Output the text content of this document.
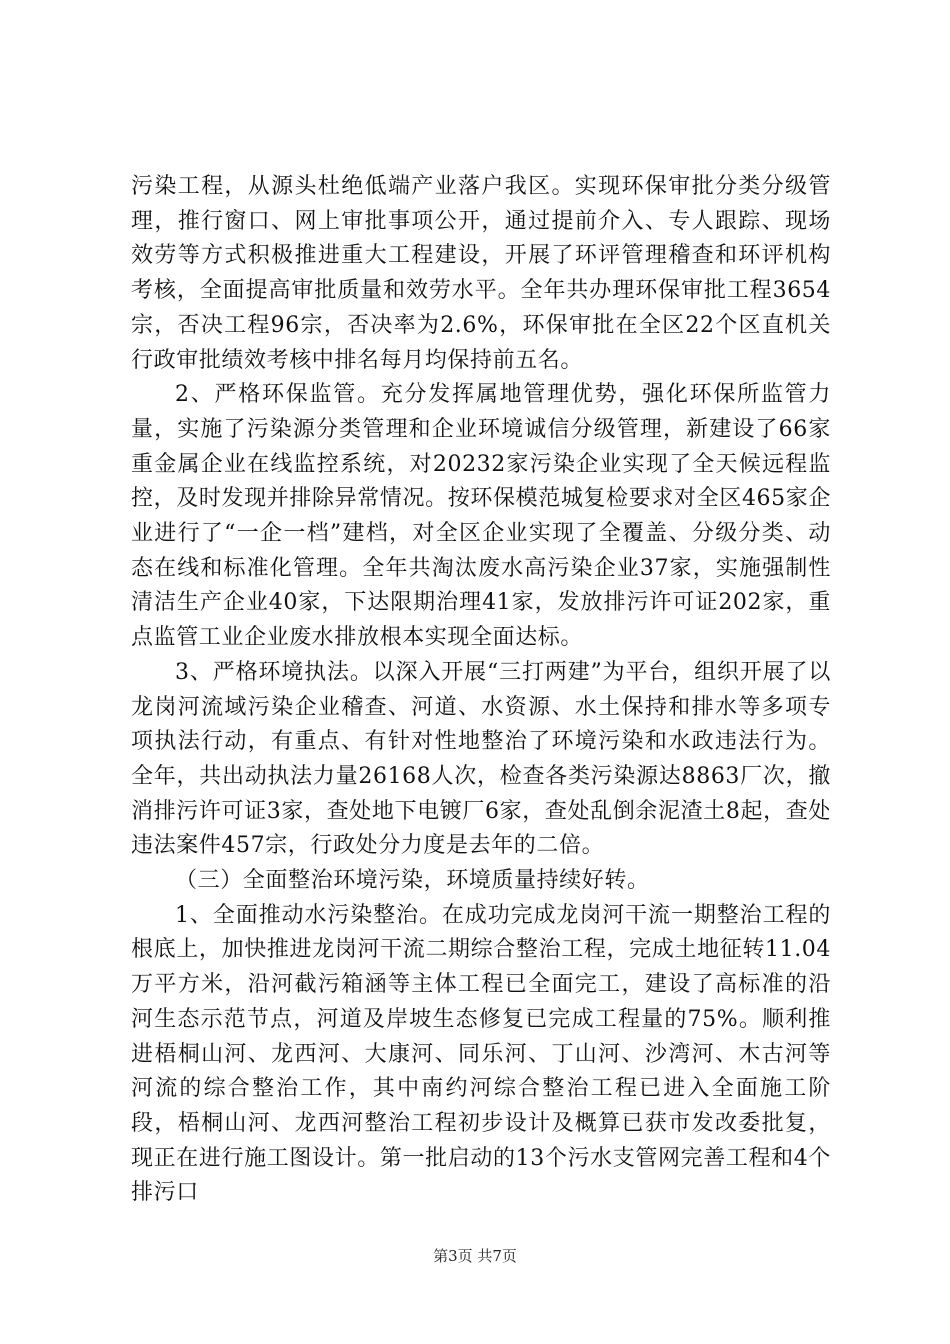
污染工程，从源头杜绝低端产业落户我区。实现环保审批分类分级管理，推行窗口、网上审批事项公开，通过提前介入、专人跟踪、现场效劳等方式积极推进重大工程建设，开展了环评管理稽查和环评机构考核，全面提高审批质量和效劳水平。全年共办理环保审批工程3654宗，否决工程96宗，否决率为2.6%，环保审批在全区22个区直机关行政审批绩效考核中排名每月均保持前五名。

2、严格环保监管。充分发挥属地管理优势，强化环保所监管力量，实施了污染源分类管理和企业环境诚信分级管理，新建设了66家重金属企业在线监控系统，对20232家污染企业实现了全天候远程监控，及时发现并排除异常情况。按环保模范城复检要求对全区465家企业进行了“一企一档”建档，对全区企业实现了全覆盖、分级分类、动态在线和标准化管理。全年共淘汰废水高污染企业37家，实施强制性清洁生产企业40家，下达限期治理41家，发放排污许可证202家，重点监管工业企业废水排放根本实现全面达标。

3、严格环境执法。以深入开展“三打两建”为平台，组织开展了以龙岗河流域污染企业稽查、河道、水资源、水土保持和排水等多项专项执法行动，有重点、有针对性地整治了环境污染和水政违法行为。全年，共出动执法力量26168人次，检查各类污染源达8863厂次，撤消排污许可证3家，查处地下电镀厂6家，查处乱倒余泥渣土8起，查处违法案件457宗，行政处分力度是去年的二倍。

（三）全面整治环境污染，环境质量持续好转。

1、全面推动水污染整治。在成功完成龙岗河干流一期整治工程的根底上，加快推进龙岗河干流二期综合整治工程，完成土地征转11.04万平方米，沿河截污箱涵等主体工程已全面完工，建设了高标准的沿河生态示范节点，河道及岸坡生态修复已完成工程量的75%。顺利推进梧桐山河、龙西河、大康河、同乐河、丁山河、沙湾河、木古河等河流的综合整治工作，其中南约河综合整治工程已进入全面施工阶段，梧桐山河、龙西河整治工程初步设计及概算已获市发改委批复，现正在进行施工图设计。第一批启动的13个污水支管网完善工程和4个排污口

第3页 共7页
